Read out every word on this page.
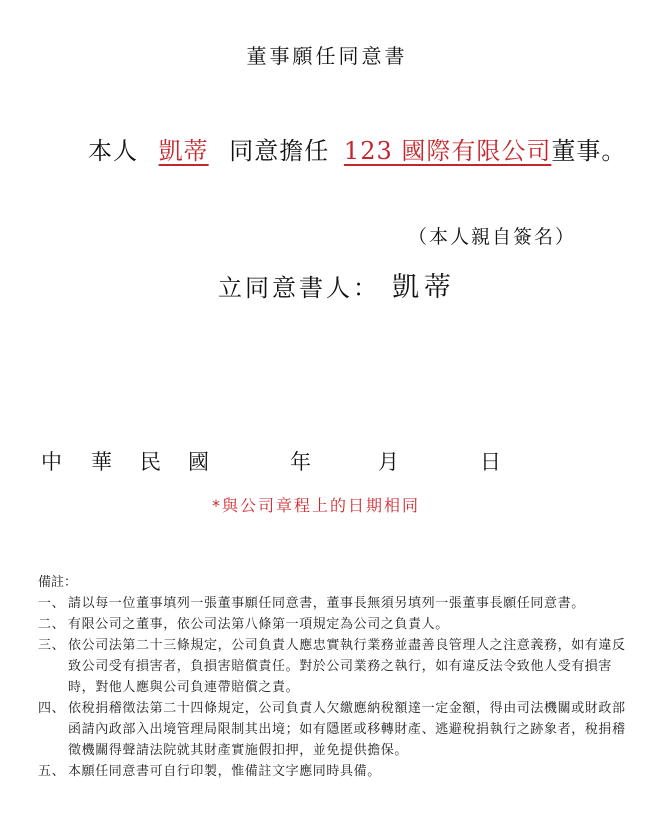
董事願任同意書
本人 凱蒂 同意擔任 123 國際有限公司董事。
（本人親自簽名）
立同意書人： 凱蒂
中 華 民 國	年	月	日
*與公司章程上的日期相同

備註：

一、 請以每一位董事填列一張董事願任同意書，董事長無須另填列一張董事長願任同意書。

二、 有限公司之董事，依公司法第八條第一項規定為公司之負責人。

三、 依公司法第二十三條規定，公司負責人應忠實執行業務並盡善良管理人之注意義務，如有違反致公司受有損害者，負損害賠償責任。對於公司業務之執行，如有違反法令致他人受有損害時，對他人應與公司負連帶賠償之責。

四、 依稅捐稽徵法第二十四條規定，公司負責人欠繳應納稅額達一定金額，得由司法機關或財政部函請內政部入出境管理局限制其出境；如有隱匿或移轉財產、逃避稅捐執行之跡象者，稅捐稽徵機關得聲請法院就其財產實施假扣押，並免提供擔保。

五、 本願任同意書可自行印製，惟備註文字應同時具備。
